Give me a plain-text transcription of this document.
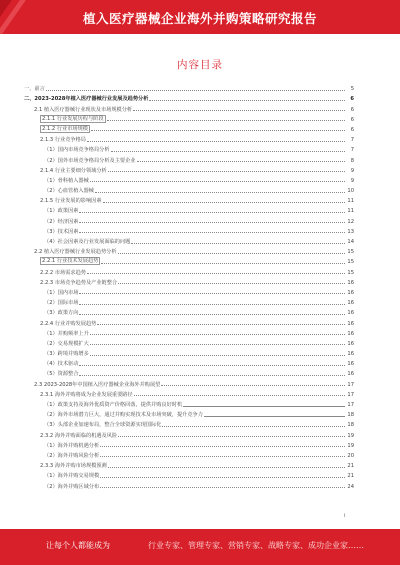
植入医疗器械企业海外并购策略研究报告
内容目录
一、前言	5
二、2023-2028年植入医疗器械行业发展及趋势分析	6
2.1 植入医疗器械行业现状及市场规模分析	6
2.1.1 行业发展历程与阶段	6
2.1.2 行业市场规模	6
2.1.3 行业竞争格局	7
（1）国内市场竞争格局分析	7
（2）国外市场竞争格局分析及主要企业	8
2.1.4 行业主要细分领域分析	9
（1）骨科植入器械	9
（2）心血管植入器械	10
2.1.5 行业发展的影响因素	11
（1）政策因素	11
（2）经济因素	12
（3）技术因素	13
（4）社会因素及行业发展面临的问题	14
2.2 植入医疗器械行业发展趋势分析	15
2.2.1 行业技术发展趋势	15
2.2.2 市场需求趋势	15
2.2.3 市场竞争趋势及产业链整合	16
（1）国内市场	16
（2）国际市场	16
（3）政策方向	16
2.2.4 行业并购发展趋势	16
（1）并购频率上升	16
（2）交易规模扩大	16
（3）跨境并购增多	16
（4）技术驱动	16
（5）资源整合	16
2.3 2023-2028年中国植入医疗器械企业海外并购展望	17
2.3.1 海外并购将成为企业发展重要路径	17
（1）政策支持及海外优质资产价格回落，提供并购良好时机	17
（2）海外市场潜力巨大，通过并购实现技术及市场突破，提升竞争力	18
（3）头部企业加速布局，整合全球资源实现国际化	18
2.3.2 海外并购面临的机遇及风险	19
（1）海外并购机遇分析	19
（2）海外并购风险分析	20
2.3.3 海外并购市场规模预测	21
（1）海外并购交易规模	21
（2）海外并购区域分布	24
i
让每个人都能成为	行业专家、管理专家、营销专家、战略专家、成功企业家……
